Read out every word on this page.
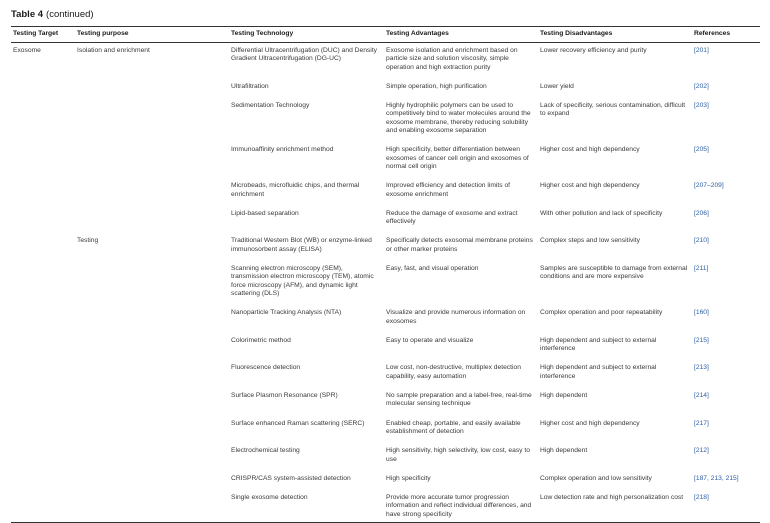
Table 4 (continued)
Testing Target	Testing purpose	Testing Technology	Testing Advantages	Testing Disadvantages	References
Exosome	Isolation and enrichment	Differential Ultracentrifugation (DUC) and Density Gradient Ultracentrifugation (DG-UC)	Exosome isolation and enrichment based on particle size and solution viscosity, simple operation and high extraction purity	Lower recovery efficiency and purity	[201]
		Ultrafiltration	Simple operation, high purification	Lower yield	[202]
		Sedimentation Technology	Highly hydrophilic polymers can be used to competitively bind to water molecules around the exosome membrane, thereby reducing solubility and enabling exosome separation	Lack of specificity, serious contamination, difficult to expand	[203]
		Immunoaffinity enrichment method	High specificity, better differentiation between exosomes of cancer cell origin and exosomes of normal cell origin	Higher cost and high dependency	[205]
		Microbeads, microfluidic chips, and thermal enrichment	Improved efficiency and detection limits of exosome enrichment	Higher cost and high dependency	[207–209]
		Lipid-based separation	Reduce the damage of exosome and extract effectively	With other pollution and lack of specificity	[206]
	Testing	Traditional Western Blot (WB) or enzyme-linked immunosorbent assay (ELISA)	Specifically detects exosomal membrane proteins or other marker proteins	Complex steps and low sensitivity	[210]
		Scanning electron microscopy (SEM), transmission electron microscopy (TEM), atomic force microscopy (AFM), and dynamic light scattering (DLS)	Easy, fast, and visual operation	Samples are susceptible to damage from external conditions and are more expensive	[211]
		Nanoparticle Tracking Analysis (NTA)	Visualize and provide numerous information on exosomes	Complex operation and poor repeatability	[160]
		Colorimetric method	Easy to operate and visualize	High dependent and subject to external interference	[215]
		Fluorescence detection	Low cost, non-destructive, multiplex detection capability, easy automation	High dependent and subject to external interference	[213]
		Surface Plasmon Resonance (SPR)	No sample preparation and a label-free, real-time molecular sensing technique	High dependent	[214]
		Surface enhanced Raman scattering (SERC)	Enabled cheap, portable, and easily available establishment of detection	Higher cost and high dependency	[217]
		Electrochemical testing	High sensitivity, high selectivity, low cost, easy to use	High dependent	[212]
		CRISPR/CAS system-assisted detection	High specificity	Complex operation and low sensitivity	[187, 213, 215]
		Single exosome detection	Provide more accurate tumor progression information and reflect individual differences, and have strong specificity	Low detection rate and high personalization cost	[218]
